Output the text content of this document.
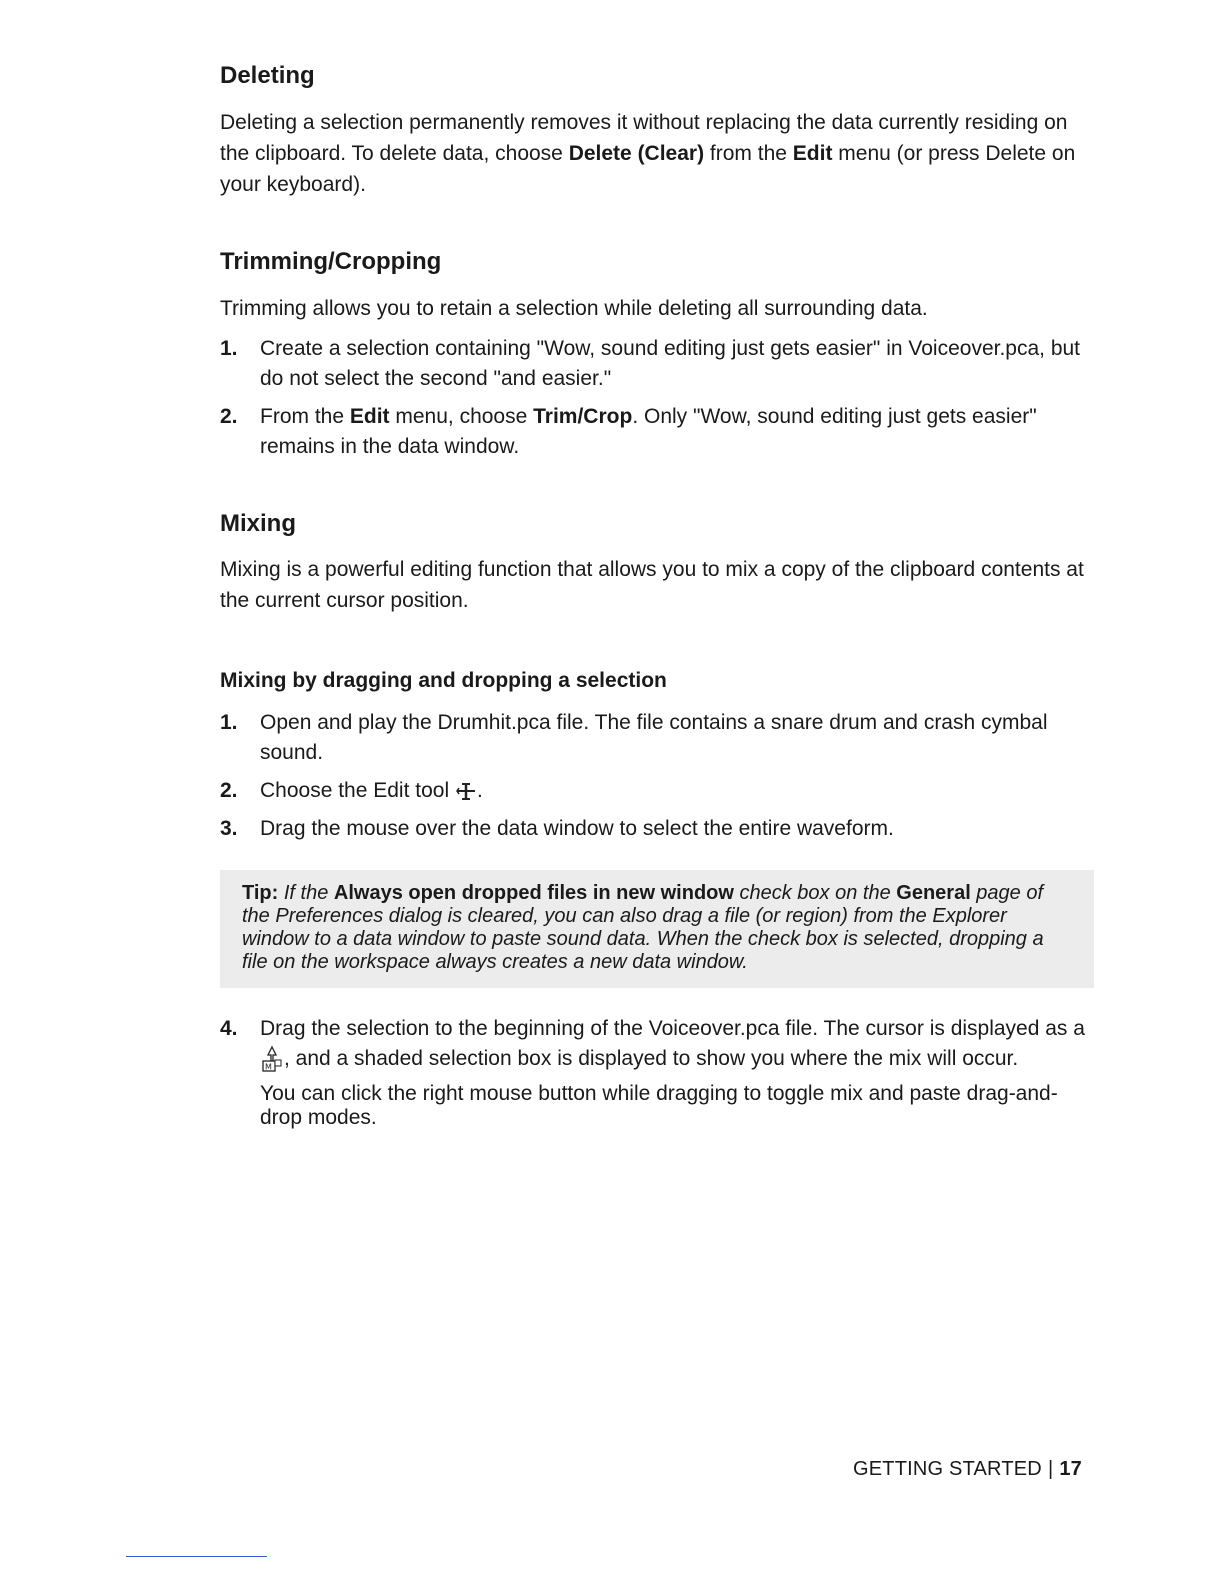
Deleting

Deleting a selection permanently removes it without replacing the data currently residing on the clipboard. To delete data, choose Delete (Clear) from the Edit menu (or press Delete on your keyboard).

Trimming/Cropping

Trimming allows you to retain a selection while deleting all surrounding data.

1. Create a selection containing "Wow, sound editing just gets easier" in Voiceover.pca, but do not select the second "and easier."
2. From the Edit menu, choose Trim/Crop. Only "Wow, sound editing just gets easier" remains in the data window.
Mixing

Mixing is a powerful editing function that allows you to mix a copy of the clipboard contents at the current cursor position.

Mixing by dragging and dropping a selection
1. Open and play the Drumhit.pca file. The file contains a snare drum and crash cymbal sound.
2. Choose the Edit tool .
3. Drag the mouse over the data window to select the entire waveform.
Tip: If the Always open dropped files in new window check box on the General page of the Preferences dialog is cleared, you can also drag a file (or region) from the Explorer window to a data window to paste sound data. When the check box is selected, dropping a file on the workspace always creates a new data window.
4. Drag the selection to the beginning of the Voiceover.pca file. The cursor is displayed as a
M , and a shaded selection box is displayed to show you where the mix will occur.

You can click the right mouse button while dragging to toggle mix and paste drag-and-drop modes.

GETTING STARTED | 17
